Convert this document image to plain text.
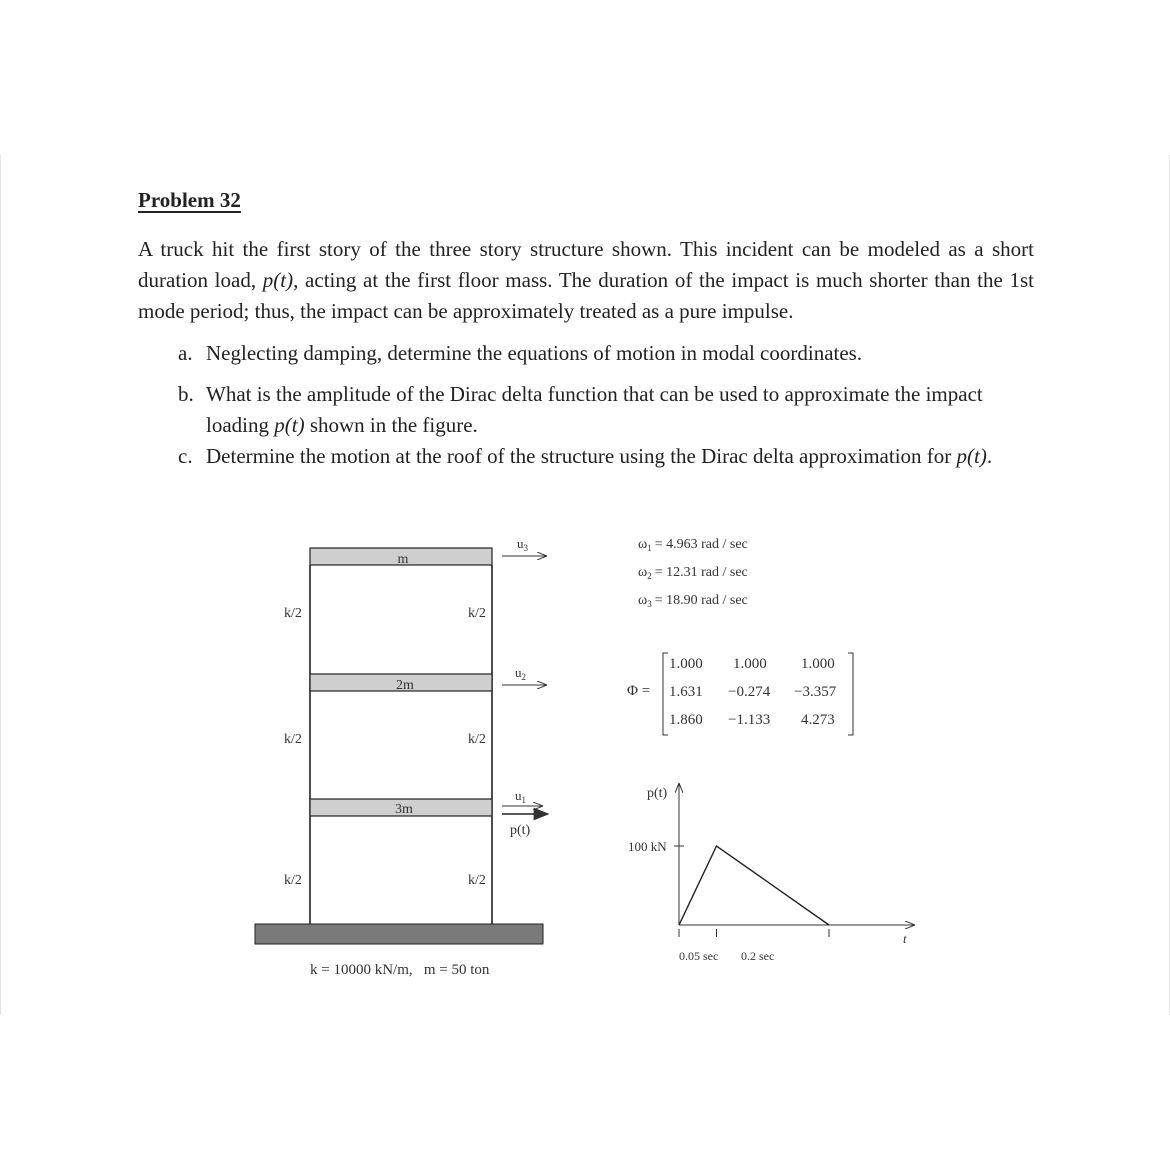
Problem 32
A truck hit the first story of the three story structure shown. This incident can be modeled as a short duration load, p(t), acting at the first floor mass. The duration of the impact is much shorter than the 1st mode period; thus, the impact can be approximately treated as a pure impulse.
a. Neglecting damping, determine the equations of motion in modal coordinates.
b. What is the amplitude of the Dirac delta function that can be used to approximate the impact loading p(t) shown in the figure.
c. Determine the motion at the roof of the structure using the Dirac delta approximation for p(t).
m
2m
3m
k/2	k/2
k/2	k/2
k/2	k/2
$u_3$
$u_2$
$u_1$
p(t)
k = 10000 kN/m,   m = 50 ton
$\omega_1 = 4.963$ rad / sec
$\omega_2 = 12.31$ rad / sec
$\omega_3 = 18.90$ rad / sec
Φ =
1.000 1.000 1.000
1.631 −0.274 −3.357
1.860 −1.133 4.273
p(t)
t
100 kN
0.05 sec 0.2 sec
